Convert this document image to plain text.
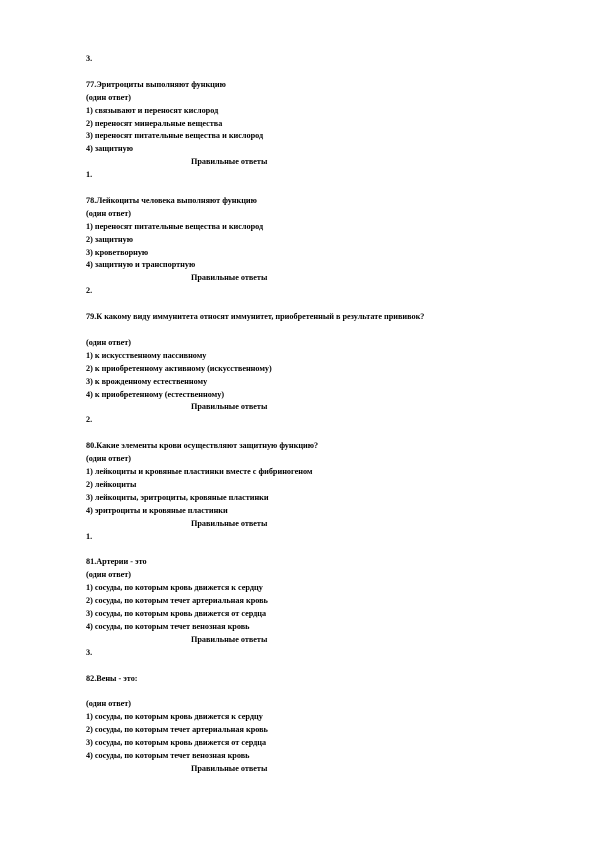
3.
77.Эритроциты выполняют функцию
(один ответ)
1) связывают и переносят кислород
2) переносят минеральные вещества
3) переносят питательные вещества и кислород
4) защитную
Правильные ответы
1.
78.Лейкоциты человека выполняют функцию
(один ответ)
1) переносят питательные вещества и кислород
2) защитную
3) кроветворную
4) защитную и транспортную
Правильные ответы
2.
79.К какому виду иммунитета относят иммунитет, приобретенный в результате прививок?
(один ответ)
1) к искусственному пассивному
2) к приобретенному активному (искусственному)
3) к врожденному естественному
4) к приобретенному (естественному)
Правильные ответы
2.
80.Какие элементы крови осуществляют защитную функцию?
(один ответ)
1) лейкоциты и кровяные пластинки вместе с фибриногеном
2) лейкоциты
3) лейкоциты, эритроциты, кровяные пластинки
4) эритроциты и кровяные пластинки
Правильные ответы
1.
81.Артерии - это
(один ответ)
1) сосуды, по которым кровь движется к сердцу
2) сосуды, по которым течет артериальная кровь
3) сосуды, по которым кровь движется от сердца
4) сосуды, по которым течет венозная кровь
Правильные ответы
3.
82.Вены - это:
(один ответ)
1) сосуды, по которым кровь движется к сердцу
2) сосуды, по которым течет артериальная кровь
3) сосуды, по которым кровь движется от сердца
4) сосуды, по которым течет венозная кровь
Правильные ответы
